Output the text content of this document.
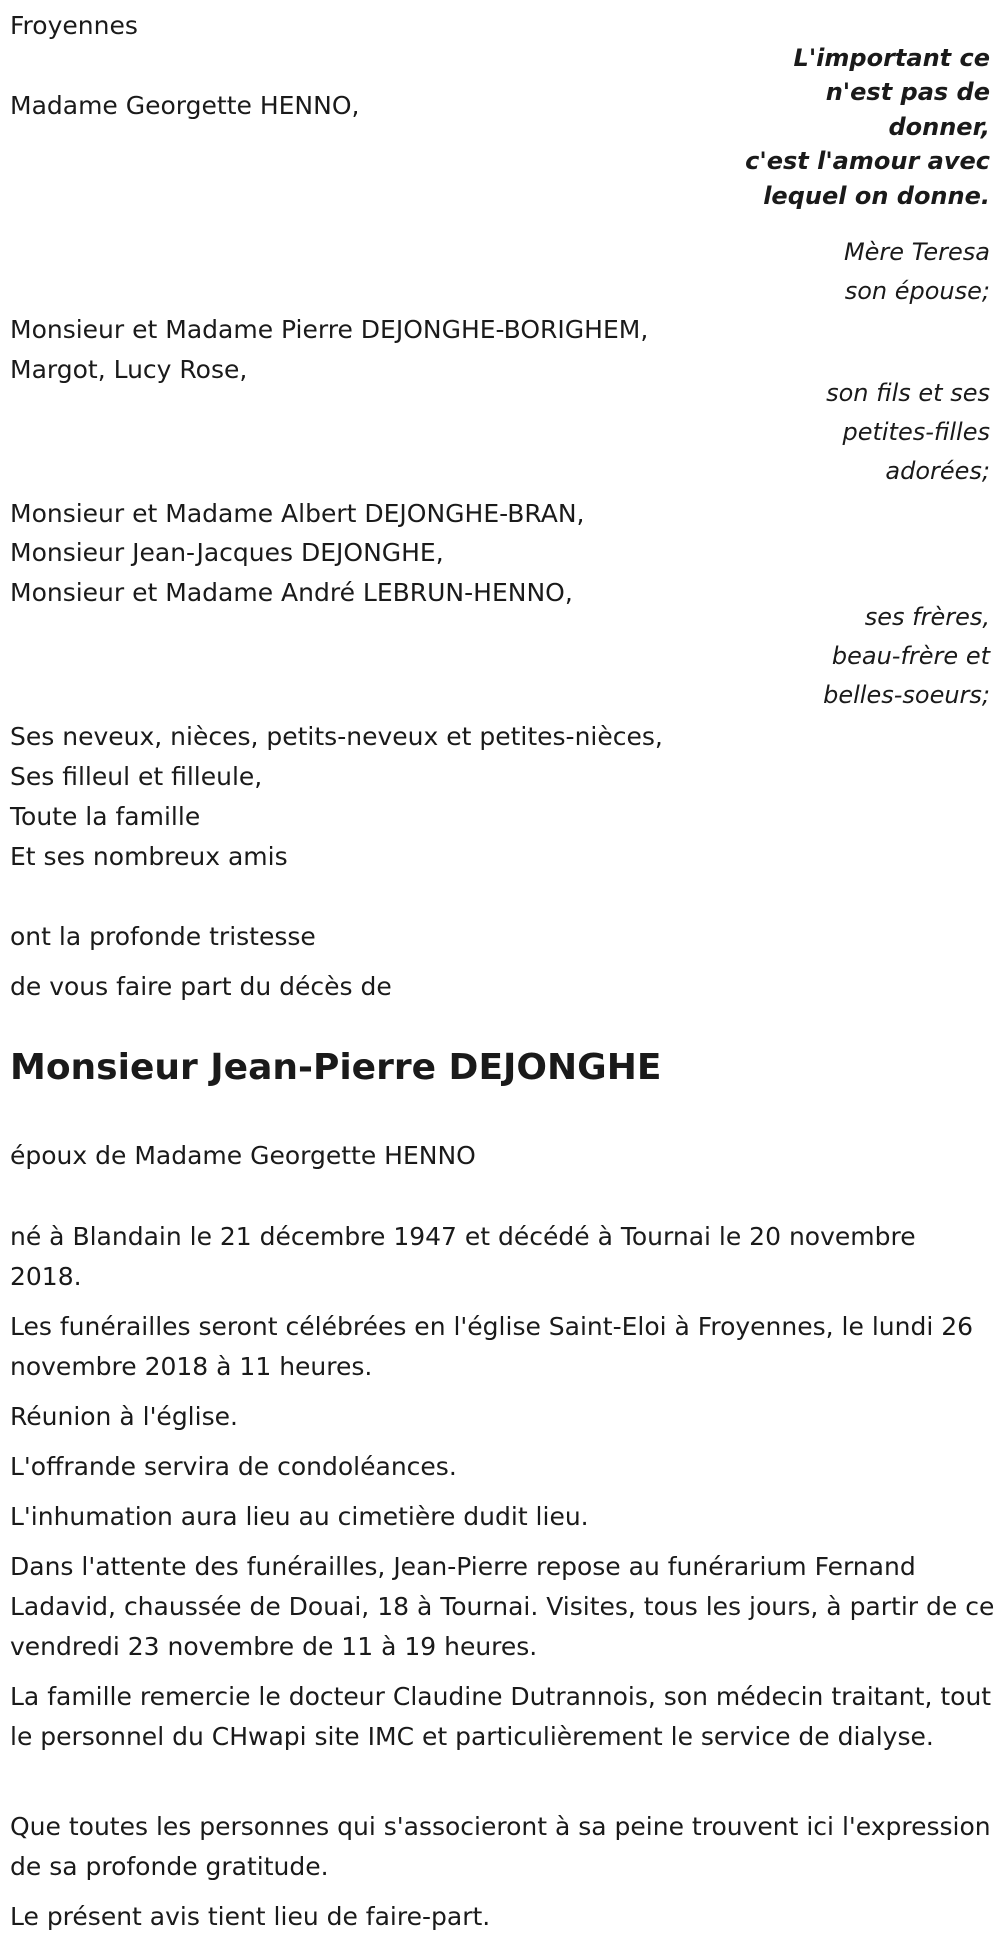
Froyennes
L'important ce
n'est pas de
donner,
c'est l'amour avec
lequel on donne.
Mère Teresa
son épouse;
Madame Georgette HENNO,
Monsieur et Madame Pierre DEJONGHE-BORIGHEM,
Margot, Lucy Rose,
son fils et ses
petites-filles
adorées;
Monsieur et Madame Albert DEJONGHE-BRAN,
Monsieur Jean-Jacques DEJONGHE,
Monsieur et Madame André LEBRUN-HENNO,
ses frères,
beau-frère et
belles-soeurs;
Ses neveux, nièces, petits-neveux et petites-nièces,
Ses filleul et filleule,
Toute la famille
Et ses nombreux amis
ont la profonde tristesse
de vous faire part du décès de
Monsieur Jean-Pierre DEJONGHE
époux de Madame Georgette HENNO
né à Blandain le 21 décembre 1947 et décédé à Tournai le 20 novembre 2018.
Les funérailles seront célébrées en l'église Saint-Eloi à Froyennes, le lundi 26 novembre 2018 à 11 heures.
Réunion à l'église.
L'offrande servira de condoléances.
L'inhumation aura lieu au cimetière dudit lieu.
Dans l'attente des funérailles, Jean-Pierre repose au funérarium Fernand Ladavid, chaussée de Douai, 18 à Tournai. Visites, tous les jours, à partir de ce vendredi 23 novembre de 11 à 19 heures.
La famille remercie le docteur Claudine Dutrannois, son médecin traitant, tout le personnel du CHwapi site IMC et particulièrement le service de dialyse.
Que toutes les personnes qui s'associeront à sa peine trouvent ici l'expression de sa profonde gratitude.
Le présent avis tient lieu de faire-part.
